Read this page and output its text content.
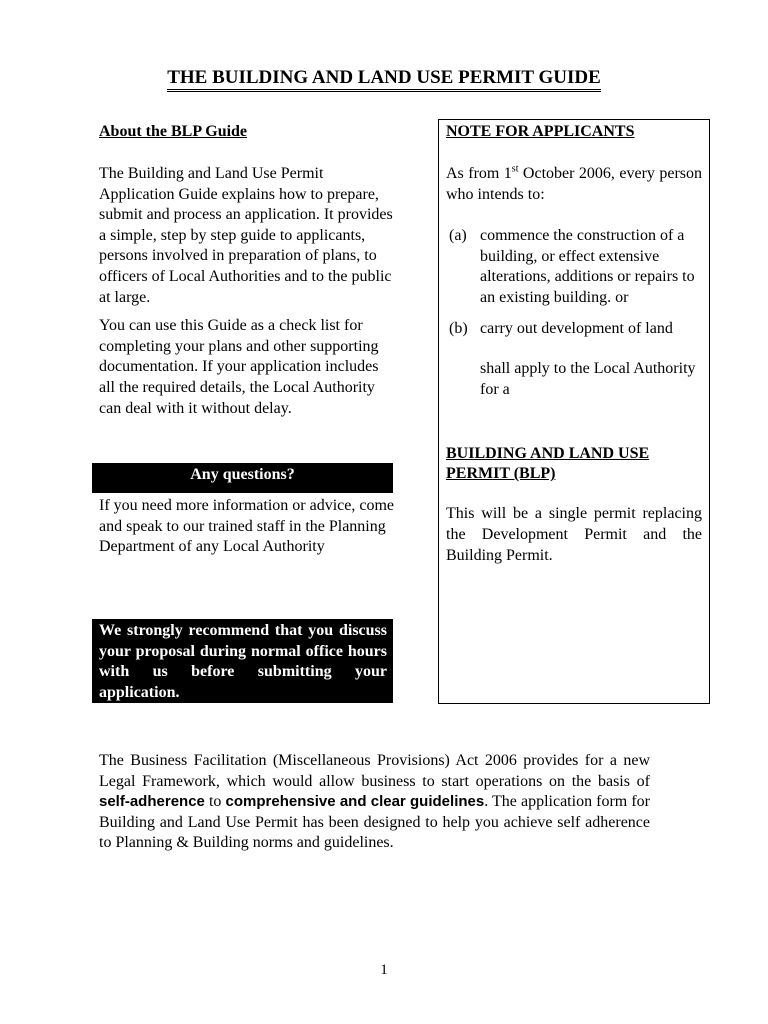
THE BUILDING AND LAND USE PERMIT GUIDE
About the BLP Guide

The Building and Land Use Permit Application Guide explains how to prepare, submit and process an application. It provides a simple, step by step guide to applicants, persons involved in preparation of plans, to officers of Local Authorities and to the public at large.

You can use this Guide as a check list for completing your plans and other supporting documentation. If your application includes all the required details, the Local Authority can deal with it without delay.

Any questions?

If you need more information or advice, come and speak to our trained staff in the Planning Department of any Local Authority

We strongly recommend that you discuss your proposal during normal office hours with us before submitting your application.
NOTE FOR APPLICANTS

As from 1st October 2006, every person who intends to:

(a) commence the construction of a building, or effect extensive alterations, additions or repairs to an existing building. or
(b) carry out development of land

shall apply to the Local Authority for a

BUILDING AND LAND USE PERMIT (BLP)

This will be a single permit replacing the Development Permit and the Building Permit.

The Business Facilitation (Miscellaneous Provisions) Act 2006 provides for a new Legal Framework, which would allow business to start operations on the basis of self-adherence to comprehensive and clear guidelines. The application form for Building and Land Use Permit has been designed to help you achieve self adherence to Planning & Building norms and guidelines.
1
